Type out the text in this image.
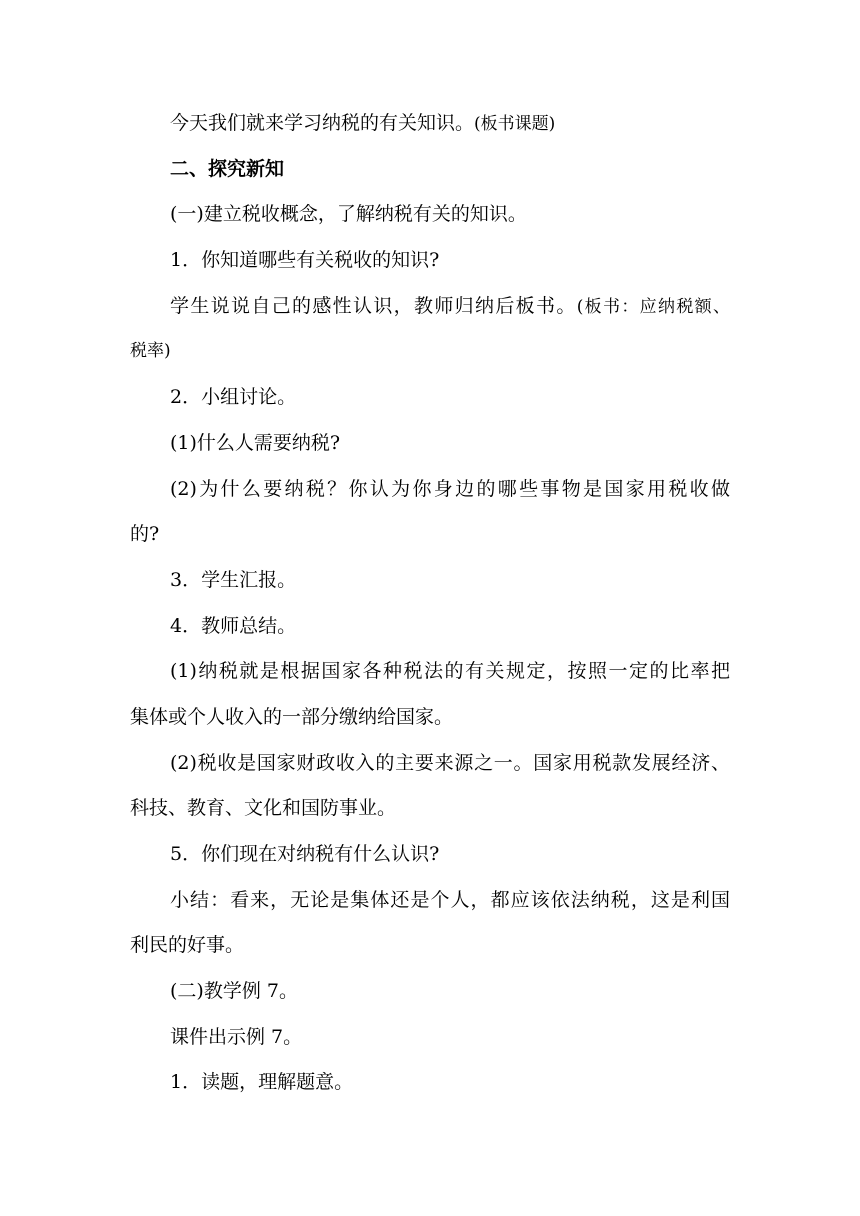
今天我们就来学习纳税的有关知识。(板书课题)
二、探究新知
(一)建立税收概念，了解纳税有关的知识。
1．你知道哪些有关税收的知识?
学生说说自己的感性认识，教师归纳后板书。(板书：应纳税额、
税率)
2．小组讨论。
(1)什么人需要纳税?
(2)为什么要纳税？你认为你身边的哪些事物是国家用税收做
的?
3．学生汇报。
4．教师总结。
(1)纳税就是根据国家各种税法的有关规定，按照一定的比率把
集体或个人收入的一部分缴纳给国家。
(2)税收是国家财政收入的主要来源之一。国家用税款发展经济、
科技、教育、文化和国防事业。
5．你们现在对纳税有什么认识?
小结：看来，无论是集体还是个人，都应该依法纳税，这是利国
利民的好事。
(二)教学例 7。
课件出示例 7。
1．读题，理解题意。
